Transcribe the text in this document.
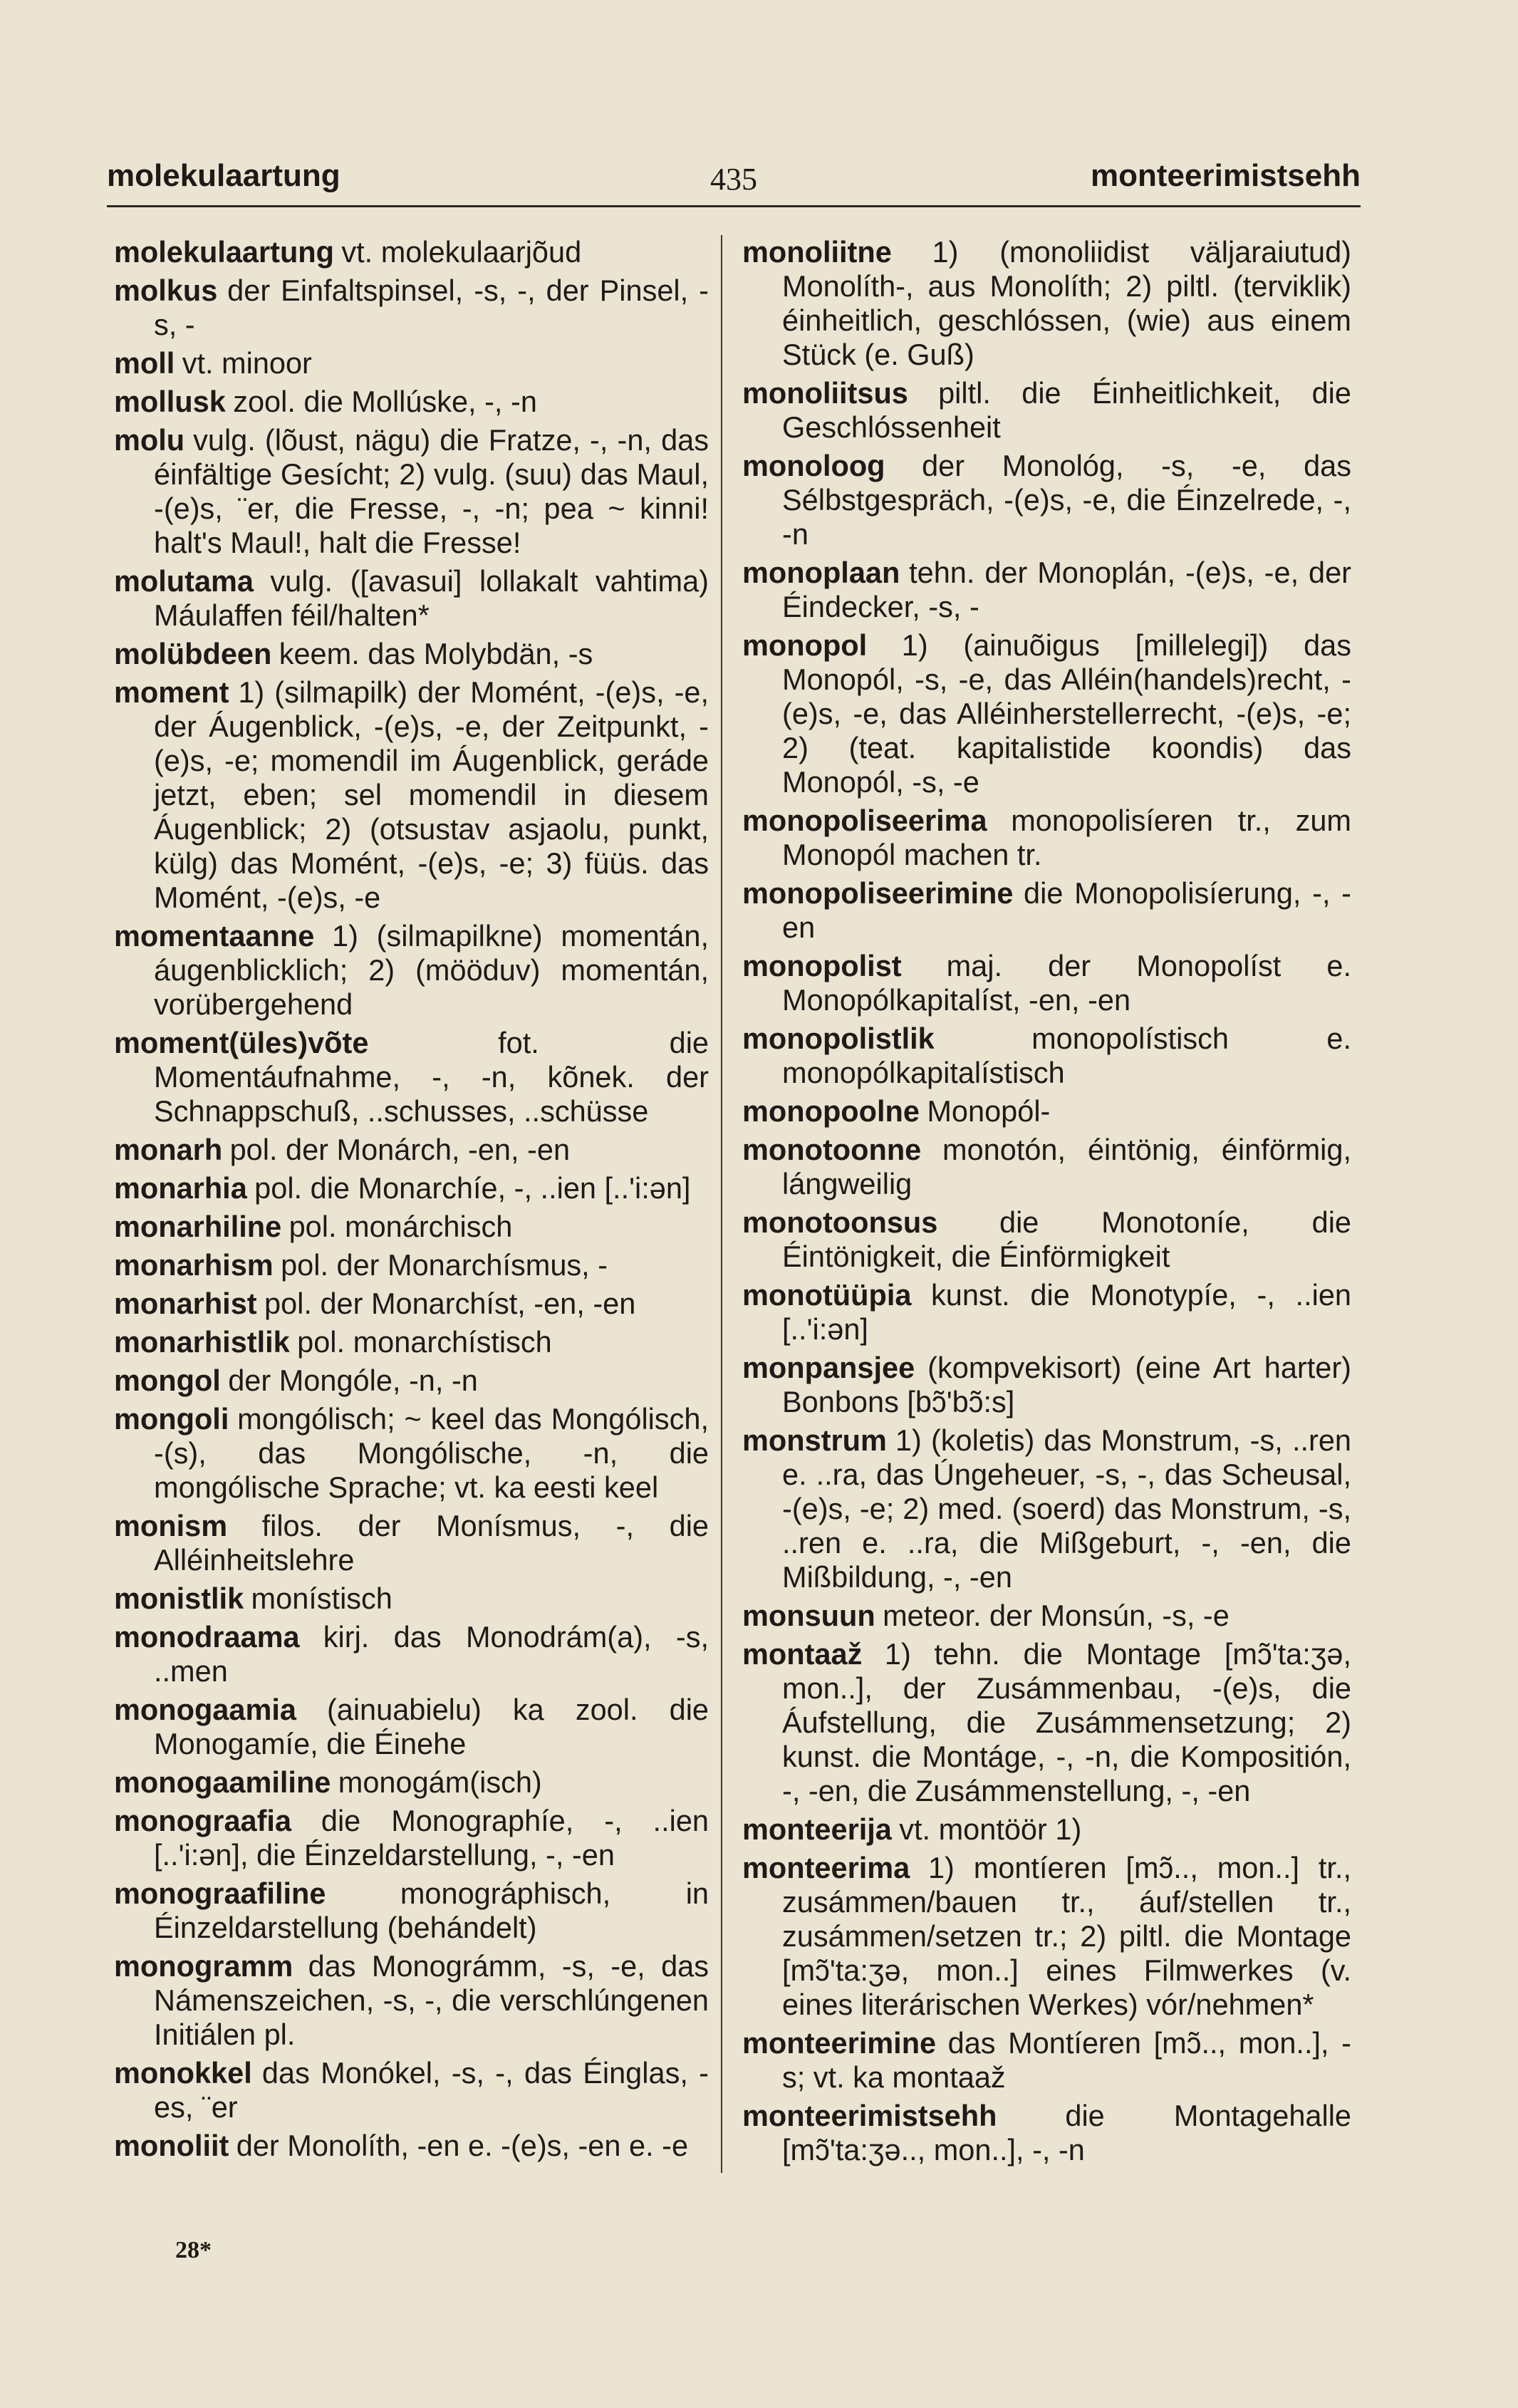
molekulaartung	435	monteerimistsehh

molekulaartung vt. molekulaarjõud

molkus der Einfaltspinsel, -s, -, der Pinsel, -s, -

moll vt. minoor

mollusk zool. die Mollúske, -, -n

molu vulg. (lõust, nägu) die Fratze, -, -n, das éinfältige Gesícht; 2) vulg. (suu) das Maul, -(e)s, ¨er, die Fresse, -, -n; pea ~ kinni! halt's Maul!, halt die Fresse!

molutama vulg. ([avasui] lollakalt vahtima) Máulaffen féil/halten*

molübdeen keem. das Molybdän, -s

moment 1) (silmapilk) der Momént, -(e)s, -e, der Áugenblick, -(e)s, -e, der Zeitpunkt, -(e)s, -e; momendil im Áugenblick, geráde jetzt, eben; sel momendil in diesem Áugenblick; 2) (otsustav asjaolu, punkt, külg) das Momént, -(e)s, -e; 3) füüs. das Momént, -(e)s, -e

momentaanne 1) (silmapilkne) momentán, áugenblicklich; 2) (mööduv) momentán, vorübergehend

moment(üles)võte	fot. die Momentáufnahme, -, -n, kõnek. der Schnappschuß, ..schusses, ..schüsse

monarh pol. der Monárch, -en, -en

monarhia pol. die Monarchíe, -, ..ien [..'i:ən]

monarhiline pol. monárchisch

monarhism pol. der Monarchísmus, -

monarhist pol. der Monarchíst, -en, -en

monarhistlik pol. monarchístisch

mongol der Mongóle, -n, -n

mongoli mongólisch; ~ keel das Mongólisch, -(s), das Mongólische, -n, die mongólische Sprache; vt. ka eesti keel

monism filos. der Monísmus, -, die Alléinheitslehre

monistlik monístisch

monodraama kirj. das Monodrám(a), -s, ..men

monogaamia (ainuabielu) ka zool. die Monogamíe, die Éinehe

monogaamiline monogám(isch)

monograafia die Monographíe, -, ..ien [..'i:ən], die Éinzeldarstellung, -, -en

monograafiline	monográphisch, in Éinzeldarstellung (behándelt)

monogramm das Monográmm, -s, -e, das Námenszeichen, -s, -, die verschlúngenen Initiálen pl.

monokkel das Monókel, -s, -, das Éinglas, -es, ¨er

monoliit der Monolíth, -en e. -(e)s, -en e. -e

monoliitne 1) (monoliidist väljaraiutud) Monolíth-, aus Monolíth; 2) piltl. (terviklik) éinheitlich, geschlóssen, (wie) aus einem Stück (e. Guß)

monoliitsus piltl. die Éinheitlichkeit, die Geschlóssenheit

monoloog der Monológ, -s, -e, das Sélbstgespräch, -(e)s, -e, die Éinzelrede, -, -n

monoplaan tehn. der Monoplán, -(e)s, -e, der Éindecker, -s, -

monopol 1) (ainuõigus [millelegi]) das Monopól, -s, -e, das Alléin(handels)recht, -(e)s, -e, das Alléinherstellerrecht, -(e)s, -e; 2) (teat. kapitalistide koondis) das Monopól, -s, -e

monopoliseerima monopolisíeren tr., zum Monopól machen tr.

monopoliseerimine die Monopolisíerung, -, -en

monopolist maj. der Monopolíst e. Monopólkapitalíst, -en, -en

monopolistlik	monopolístisch e. monopólkapitalístisch

monopoolne Monopól-

monotoonne monotón, éintönig, éinförmig, lángweilig

monotoonsus die Monotoníe, die Éintönigkeit, die Éinförmigkeit

monotüüpia kunst. die Monotypíe, -, ..ien [..'i:ən]

monpansjee (kompvekisort) (eine Art harter) Bonbons [bɔ̃'bɔ̃:s]

monstrum 1) (koletis) das Monstrum, -s, ..ren e. ..ra, das Úngeheuer, -s, -, das Scheusal, -(e)s, -e; 2) med. (soerd) das Monstrum, -s, ..ren e. ..ra, die Mißgeburt, -, -en, die Mißbildung, -, -en

monsuun meteor. der Monsún, -s, -e

montaaž 1) tehn. die Montage [mɔ̃'ta:ʒə, mon..], der Zusámmenbau, -(e)s, die Áufstellung, die Zusámmensetzung; 2) kunst. die Montáge, -, -n, die Kompositión, -, -en, die Zusámmenstellung, -, -en

monteerija vt. montöör 1)

monteerima 1) montíeren [mɔ̃.., mon..] tr., zusámmen/bauen tr., áuf/stellen tr., zusámmen/setzen tr.; 2) piltl. die Montage [mɔ̃'ta:ʒə, mon..] eines Filmwerkes (v. eines literárischen Werkes) vór/nehmen*

monteerimine das Montíeren [mɔ̃.., mon..], -s; vt. ka montaaž

monteerimistsehh die Montagehalle [mɔ̃'ta:ʒə.., mon..], -, -n

28*
